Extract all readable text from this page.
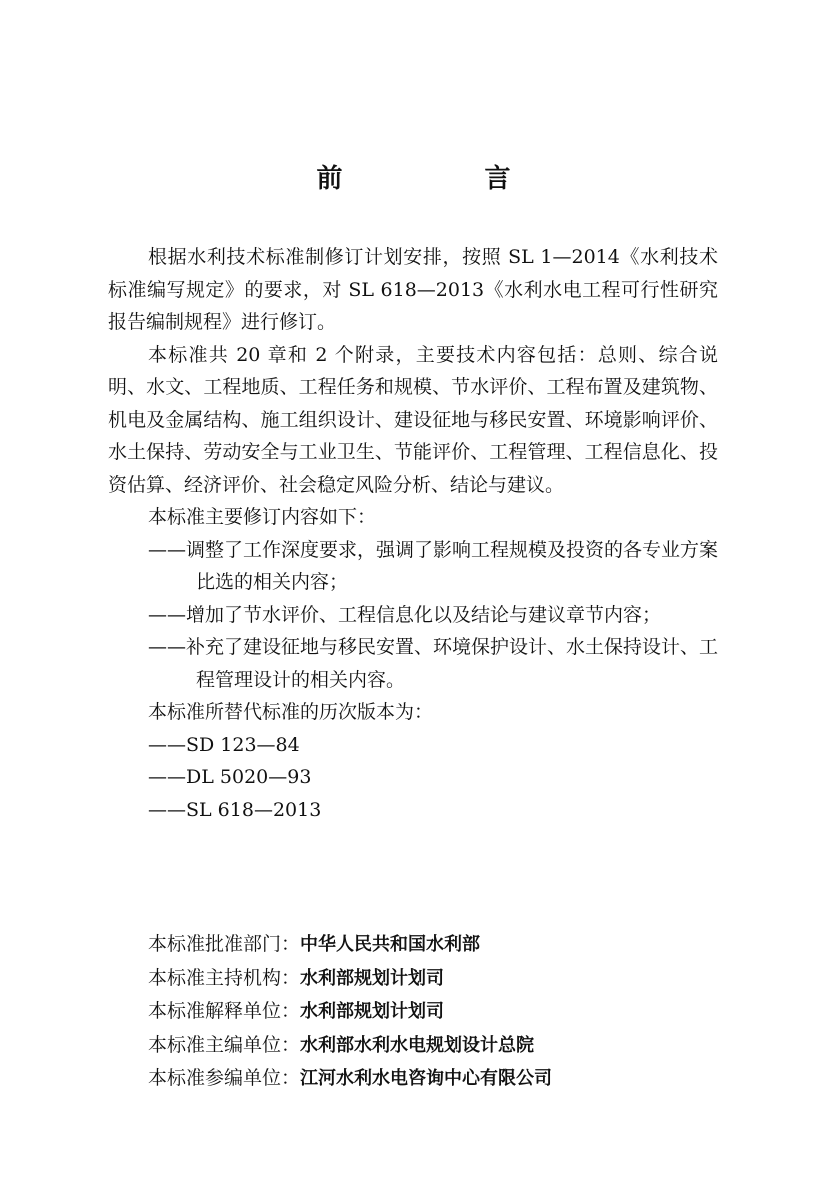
前　言

根据水利技术标准制修订计划安排，按照 SL 1—2014《水利技术标准编写规定》的要求，对 SL 618—2013《水利水电工程可行性研究报告编制规程》进行修订。

本标准共 20 章和 2 个附录，主要技术内容包括：总则、综合说明、水文、工程地质、工程任务和规模、节水评价、工程布置及建筑物、机电及金属结构、施工组织设计、建设征地与移民安置、环境影响评价、水土保持、劳动安全与工业卫生、节能评价、工程管理、工程信息化、投资估算、经济评价、社会稳定风险分析、结论与建议。

本标准主要修订内容如下：

——调整了工作深度要求，强调了影响工程规模及投资的各专业方案比选的相关内容；

——增加了节水评价、工程信息化以及结论与建议章节内容；

——补充了建设征地与移民安置、环境保护设计、水土保持设计、工程管理设计的相关内容。

本标准所替代标准的历次版本为：

——SD 123—84

——DL 5020—93

——SL 618—2013

本标准批准部门：中华人民共和国水利部

本标准主持机构：水利部规划计划司

本标准解释单位：水利部规划计划司

本标准主编单位：水利部水利水电规划设计总院

本标准参编单位：江河水利水电咨询中心有限公司
